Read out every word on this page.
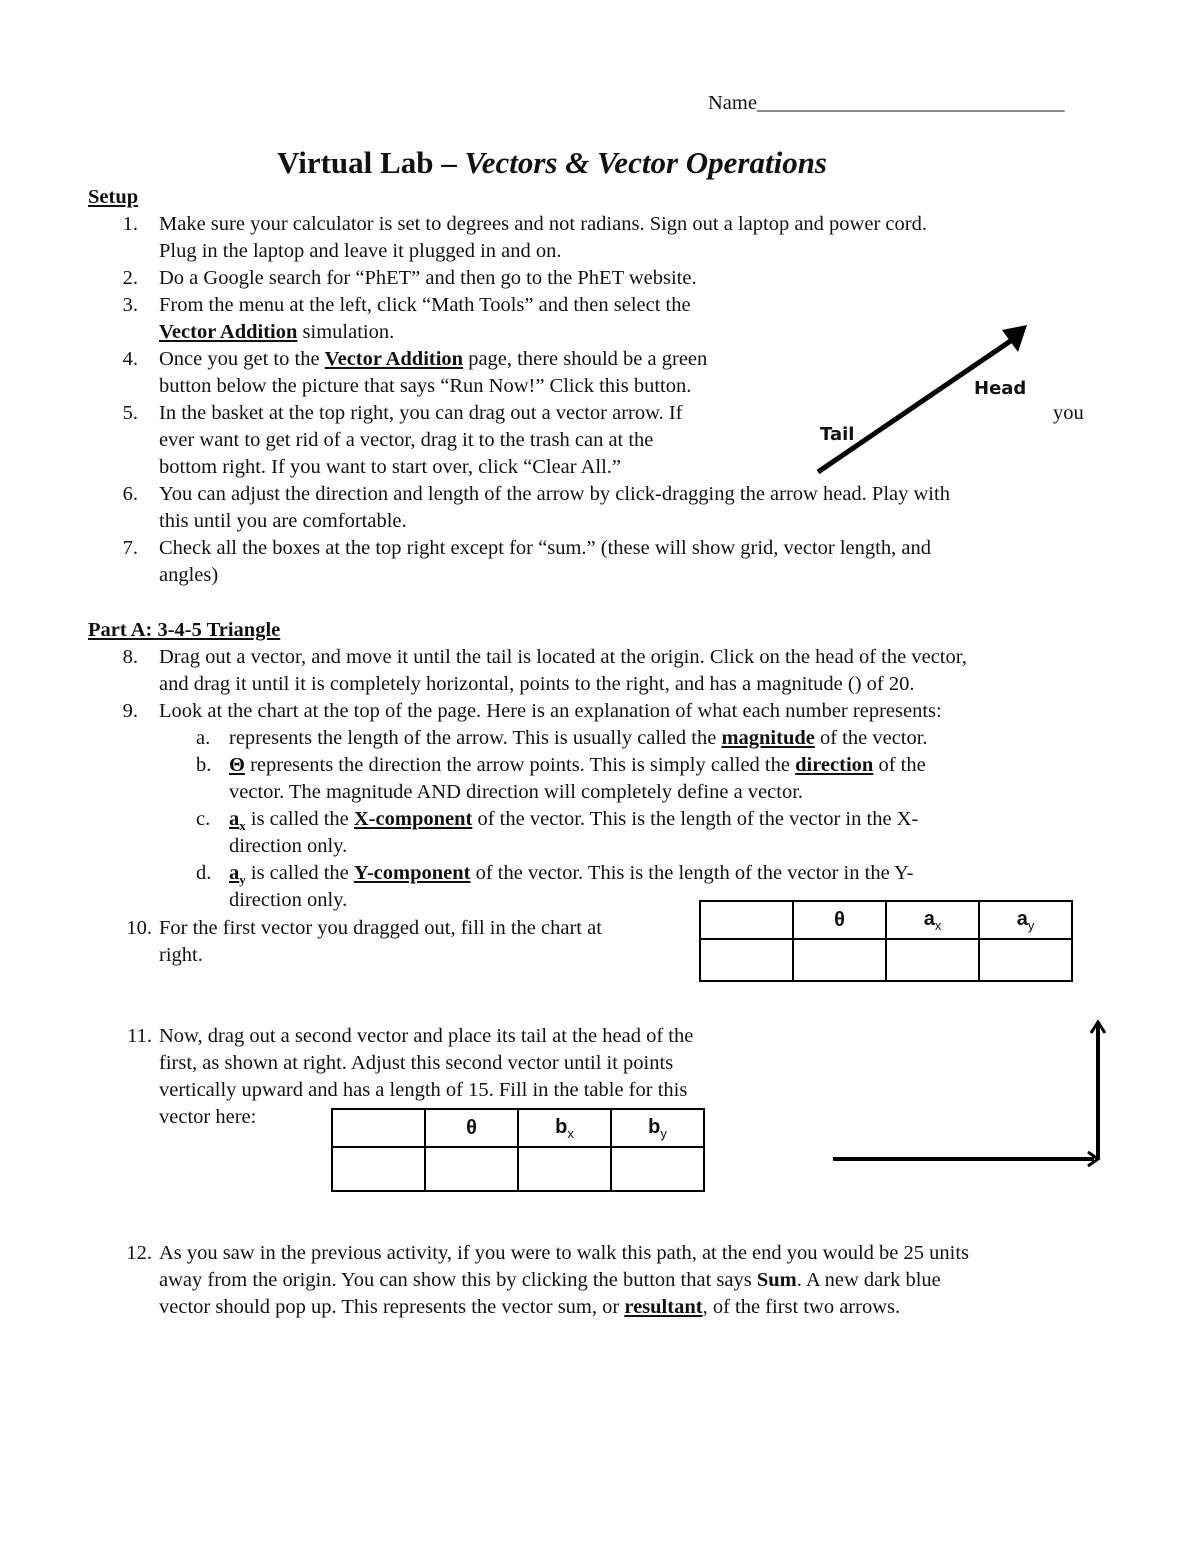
Name______________________________
Virtual Lab – Vectors & Vector Operations
Setup
1. Make sure your calculator is set to degrees and not radians. Sign out a laptop and power cord.
Plug in the laptop and leave it plugged in and on.
2. Do a Google search for “PhET” and then go to the PhET website.
3. From the menu at the left, click “Math Tools” and then select the
Vector Addition simulation.
4. Once you get to the Vector Addition page, there should be a green
button below the picture that says “Run Now!” Click this button.
5. In the basket at the top right, you can drag out a vector arrow. If	you
ever want to get rid of a vector, drag it to the trash can at the
bottom right. If you want to start over, click “Clear All.”
6. You can adjust the direction and length of the arrow by click-dragging the arrow head. Play with
this until you are comfortable.
7. Check all the boxes at the top right except for “sum.” (these will show grid, vector length, and
angles)
Head
Tail
Part A: 3-4-5 Triangle
8. Drag out a vector, and move it until the tail is located at the origin. Click on the head of the vector,
and drag it until it is completely horizontal, points to the right, and has a magnitude () of 20.
9. Look at the chart at the top of the page. Here is an explanation of what each number represents:
a. represents the length of the arrow. This is usually called the magnitude of the vector.
b. Θ represents the direction the arrow points. This is simply called the direction of the
vector. The magnitude AND direction will completely define a vector.
c. $a_x$ is called the X-component of the vector. This is the length of the vector in the X-
direction only.
d. $a_y$ is called the Y-component of the vector. This is the length of the vector in the Y-
direction only.
10. For the first vector you dragged out, fill in the chart at
right.
	θ	$a_x$	$a_y$

11. Now, drag out a second vector and place its tail at the head of the
first, as shown at right. Adjust this second vector until it points
vertically upward and has a length of 15. Fill in the table for this
vector here:
		θ	$b_x$	$b_y$

12. As you saw in the previous activity, if you were to walk this path, at the end you would be 25 units
away from the origin. You can show this by clicking the button that says Sum. A new dark blue
vector should pop up. This represents the vector sum, or resultant, of the first two arrows.
